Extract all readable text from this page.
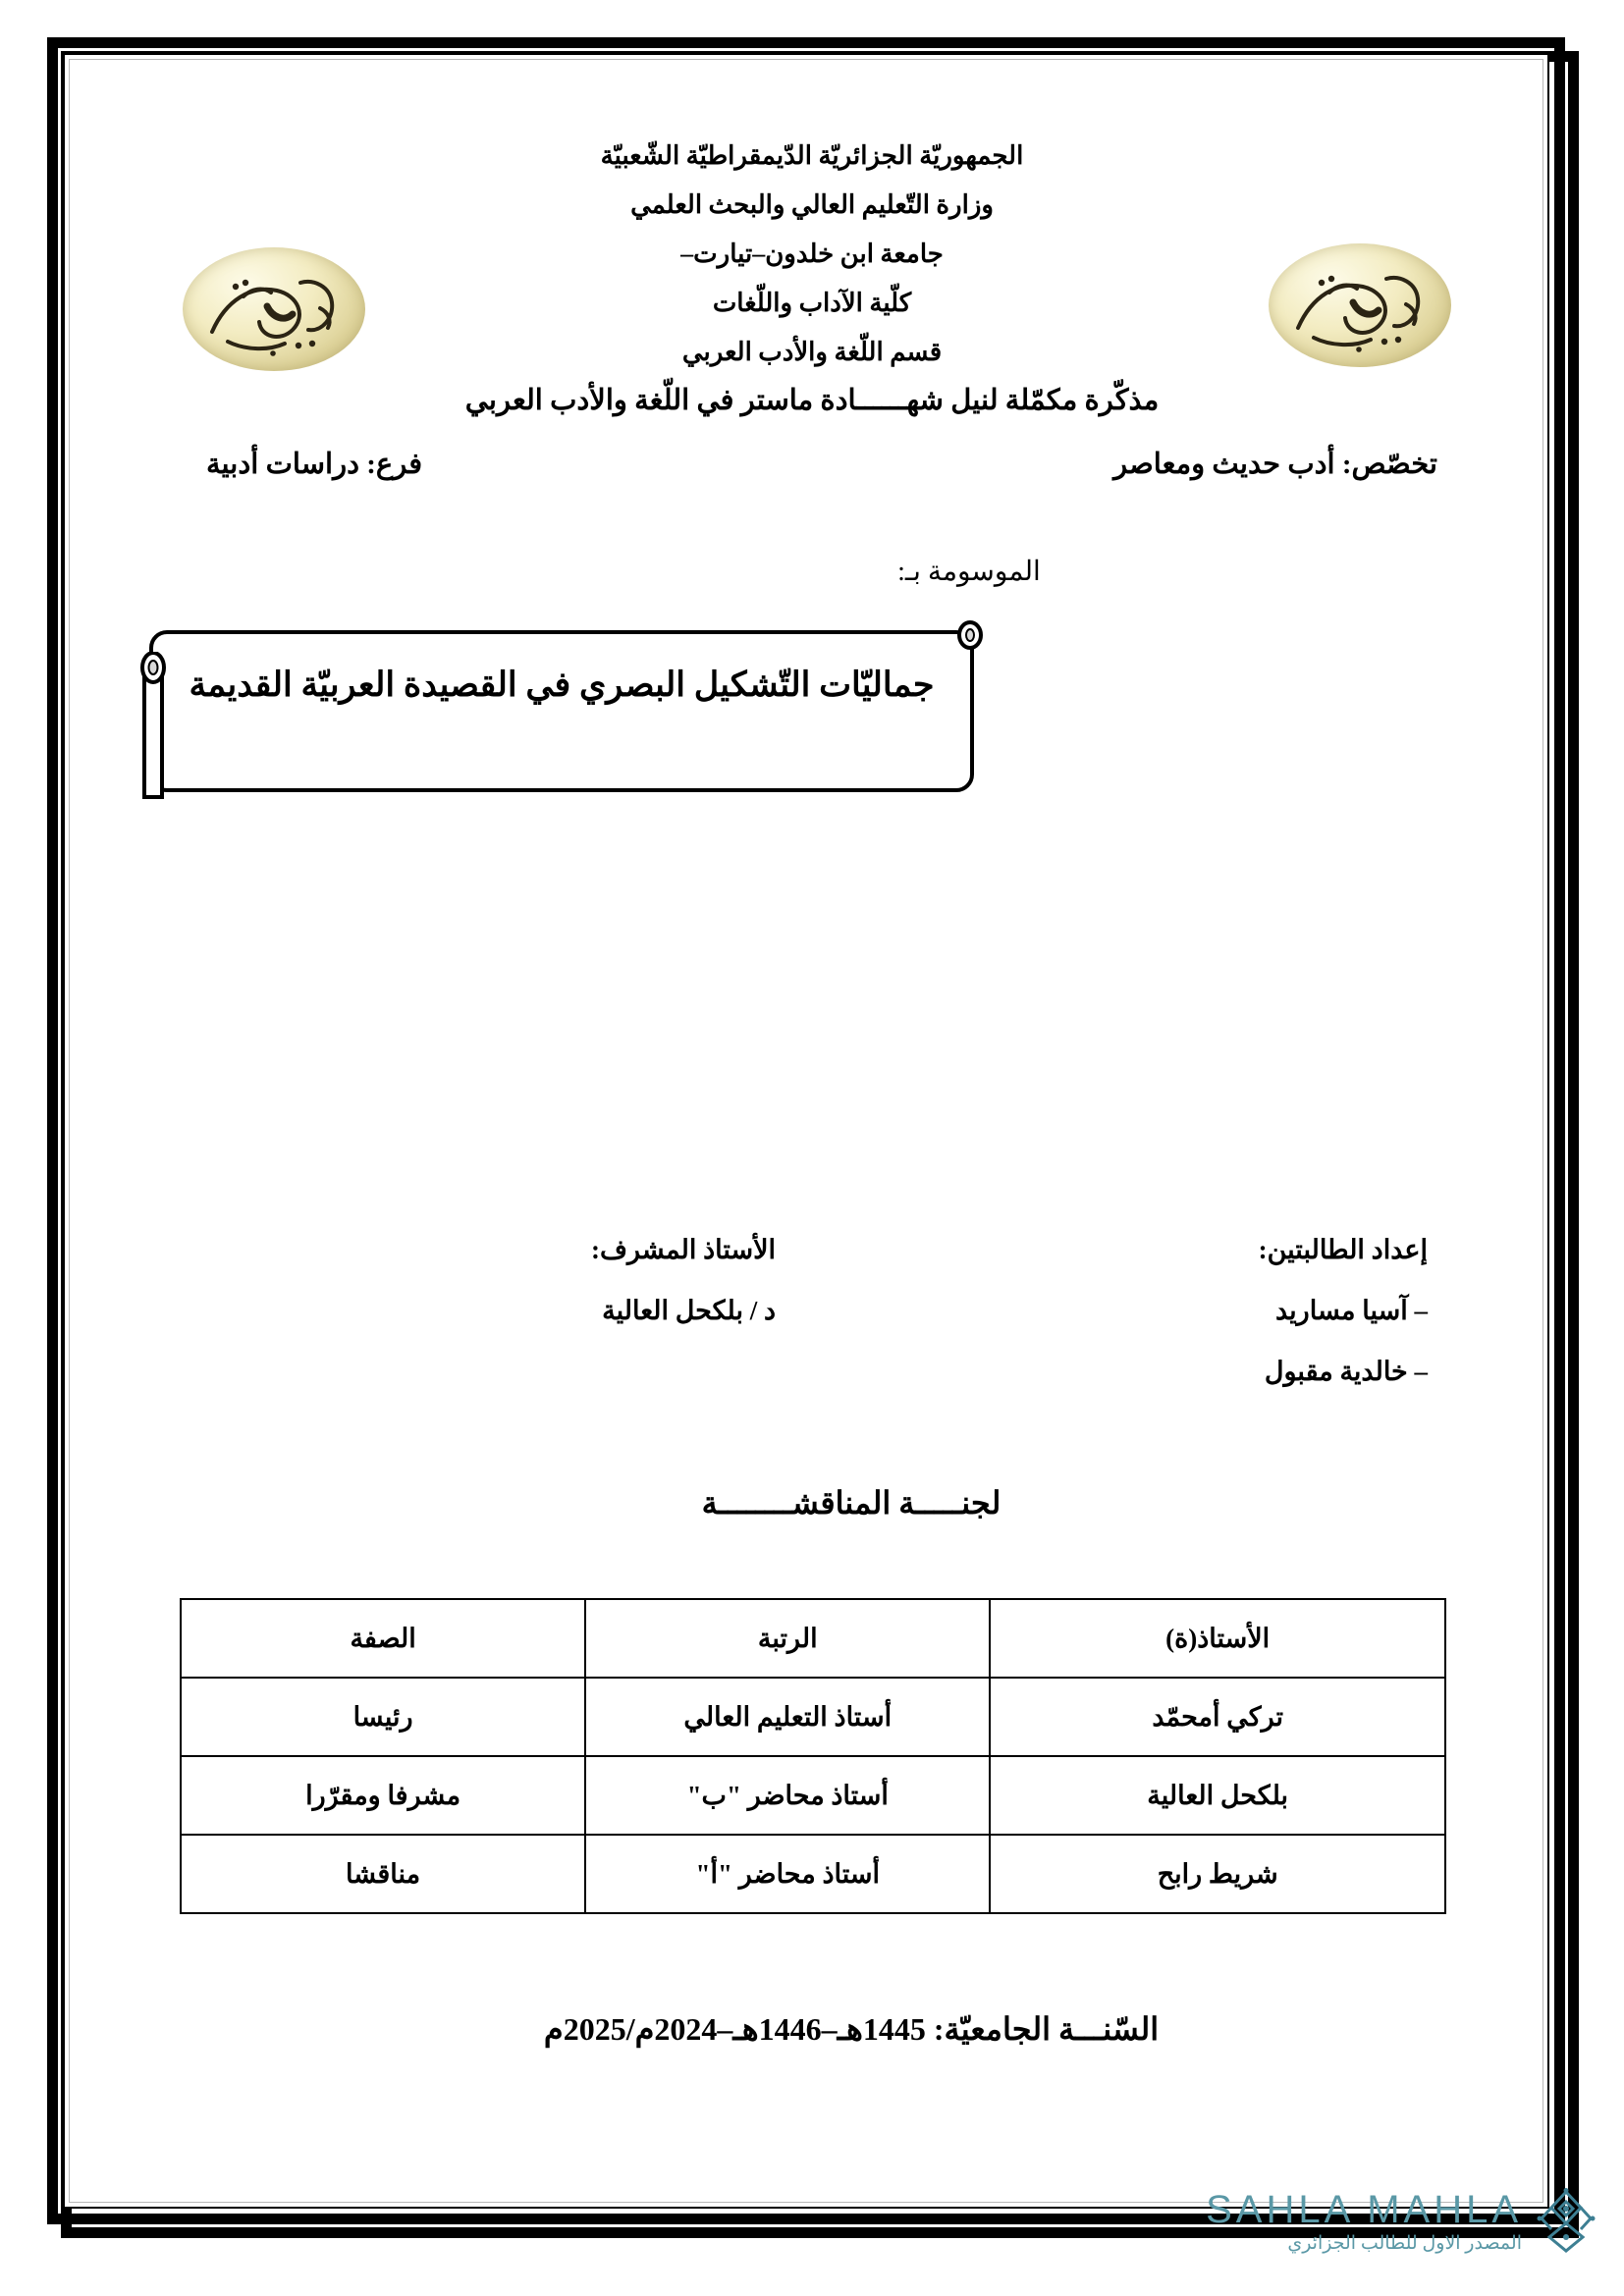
الجمهوريّة الجزائريّة الدّيمقراطيّة الشّعبيّة
وزارة التّعليم العالي والبحث العلمي
جامعة ابن خلدون–تيارت–
كلّية الآداب واللّغات
قسم اللّغة والأدب العربي
مذكّرة مكمّلة لنيل شهــــــادة ماستر في اللّغة والأدب العربي
تخصّص: أدب حديث ومعاصر
فرع: دراسات أدبية
الموسومة بـ:
جماليّات التّشكيل البصري في القصيدة العربيّة القديمة
إعداد الطالبتين:
– آسيا مساريد
– خالدية مقبول
الأستاذ المشرف:
د / بلكحل العالية
لجنـــــة المناقشــــــــة
الأستاذ(ة)	الرتبة	الصفة
تركي أمحمّد	أستاذ التعليم العالي	رئيسا
بلكحل العالية	أستاذ محاضر "ب"	مشرفا ومقرّرا
شريط رابح	أستاذ محاضر "أ"	مناقشا
السّنـــة الجامعيّة: 1445هـ–1446هـ–2024م/2025م
SAHLA MAHLA
المصدر الاول للطالب الجزائري
